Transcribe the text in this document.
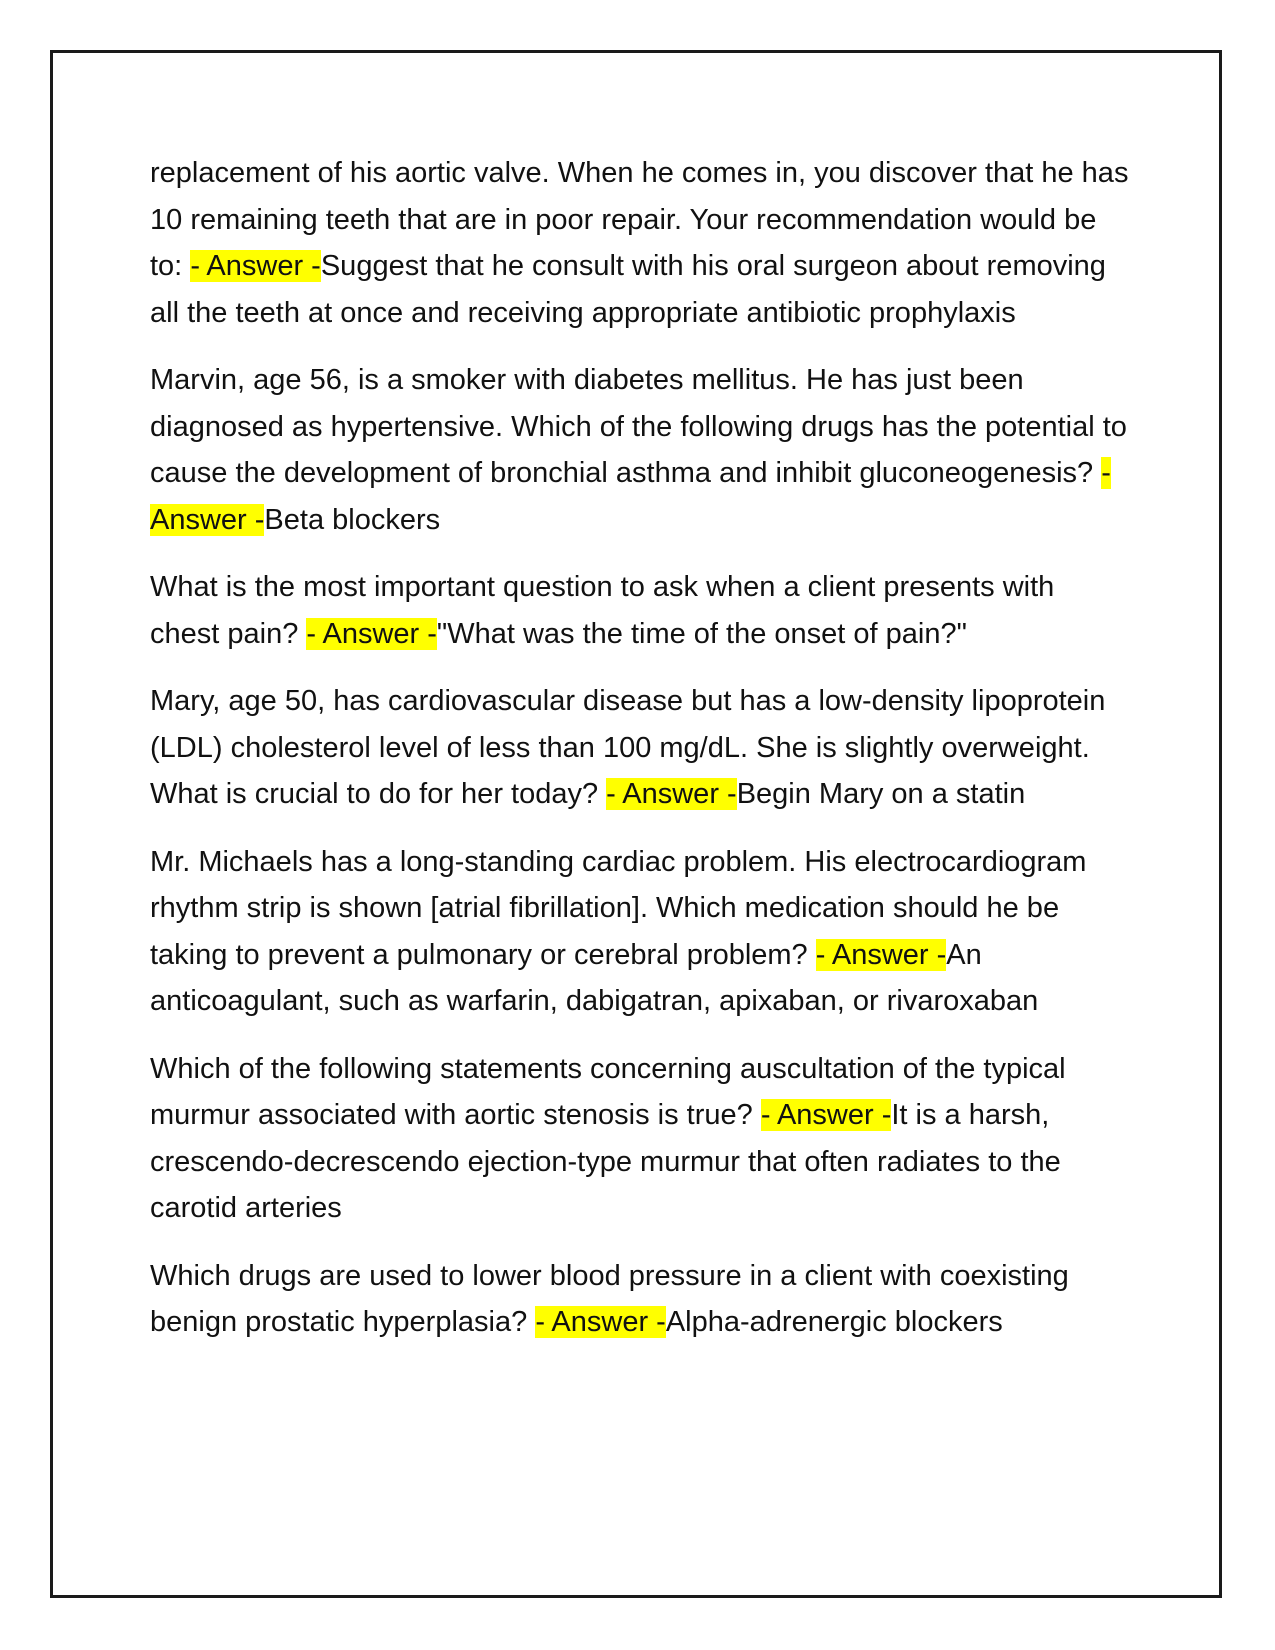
replacement of his aortic valve. When he comes in, you discover that he has 10 remaining teeth that are in poor repair. Your recommendation would be to: - Answer -Suggest that he consult with his oral surgeon about removing all the teeth at once and receiving appropriate antibiotic prophylaxis

Marvin, age 56, is a smoker with diabetes mellitus. He has just been diagnosed as hypertensive. Which of the following drugs has the potential to cause the development of bronchial asthma and inhibit gluconeogenesis? - Answer -Beta blockers

What is the most important question to ask when a client presents with chest pain? - Answer -"What was the time of the onset of pain?"

Mary, age 50, has cardiovascular disease but has a low-density lipoprotein (LDL) cholesterol level of less than 100 mg/dL. She is slightly overweight. What is crucial to do for her today? - Answer -Begin Mary on a statin

Mr. Michaels has a long-standing cardiac problem. His electrocardiogram rhythm strip is shown [atrial fibrillation]. Which medication should he be taking to prevent a pulmonary or cerebral problem? - Answer -An anticoagulant, such as warfarin, dabigatran, apixaban, or rivaroxaban

Which of the following statements concerning auscultation of the typical murmur associated with aortic stenosis is true? - Answer -It is a harsh, crescendo-decrescendo ejection-type murmur that often radiates to the carotid arteries

Which drugs are used to lower blood pressure in a client with coexisting benign prostatic hyperplasia? - Answer -Alpha-adrenergic blockers
